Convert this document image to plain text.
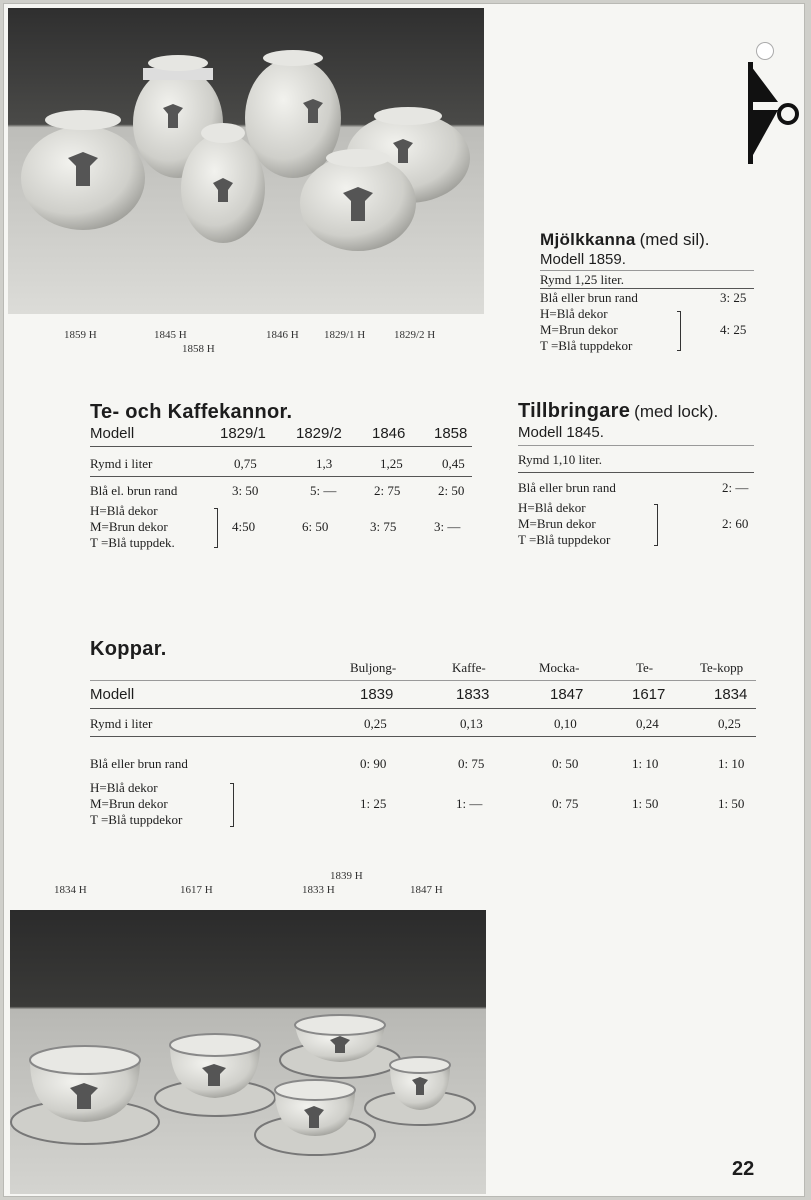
1859 H	1845 H
1858 H
1846 H 1829/1 H	1829/2 H
Mjölkkanna (med sil).
Modell 1859.
Rymd 1,25 liter.
Blå eller brun rand	3: 25
H=Blå dekor
M=Brun dekor
T =Blå tuppdekor
4: 25
Te- och Kaffekannor.
Modell	1829/1 1829/2 1846 1858
Rymd i liter	0,75	1,3	1,25	0,45
Blå el. brun rand	3: 50	5: —	2: 75	2: 50
H=Blå dekor
M=Brun dekor
T =Blå tuppdek.
4:50	6: 50	3: 75	3: —
Tillbringare (med lock).
Modell 1845.
Rymd 1,10 liter.
Blå eller brun rand	2: —
H=Blå dekor
M=Brun dekor
T =Blå tuppdekor
2: 60
Koppar.
Buljong-	Kaffe-	Mocka-	Te-	Te-kopp
Modell	1839	1833	1847	1617	1834
Rymd i liter	0,25	0,13	0,10	0,24	0,25
Blå eller brun rand	0: 90	0: 75	0: 50	1: 10	1: 10
H=Blå dekor
M=Brun dekor
T =Blå tuppdekor
1: 25	1: —	0: 75	1: 50	1: 50
1834 H	1617 H
1839 H
1833 H	1847 H
22
